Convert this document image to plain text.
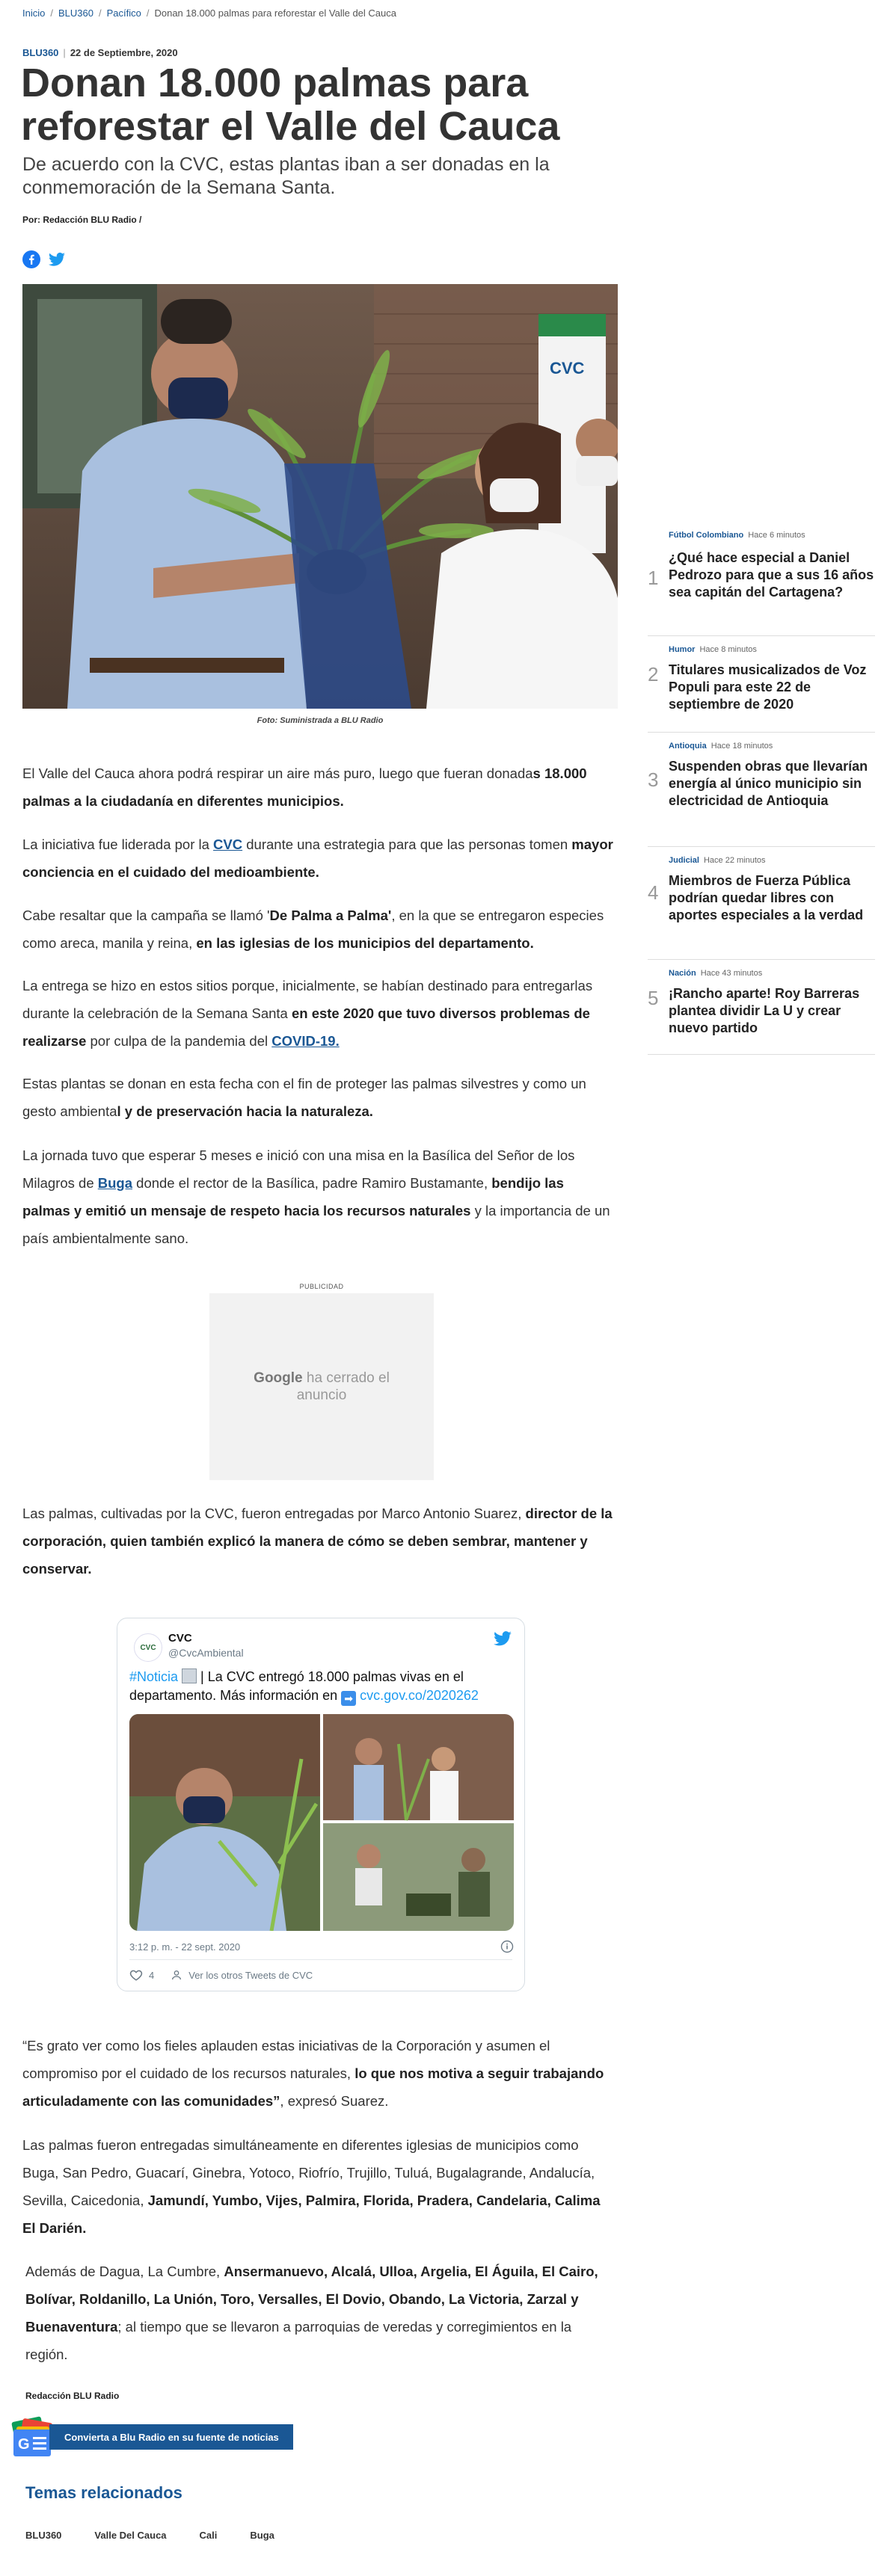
Inicio / BLU360 / Pacífico / Donan 18.000 palmas para reforestar el Valle del Cauca
BLU360 | 22 de Septiembre, 2020
Donan 18.000 palmas para reforestar el Valle del Cauca

De acuerdo con la CVC, estas plantas iban a ser donadas en la conmemoración de la Semana Santa.

Por: Redacción BLU Radio /
CVC
Foto: Suministrada a BLU Radio

El Valle del Cauca ahora podrá respirar un aire más puro, luego que fueran donadas 18.000 palmas a la ciudadanía en diferentes municipios.

La iniciativa fue liderada por la CVC durante una estrategia para que las personas tomen mayor conciencia en el cuidado del medioambiente.

Cabe resaltar que la campaña se llamó 'De Palma a Palma', en la que se entregaron especies como areca, manila y reina, en las iglesias de los municipios del departamento.

La entrega se hizo en estos sitios porque, inicialmente, se habían destinado para entregarlas durante la celebración de la Semana Santa en este 2020 que tuvo diversos problemas de realizarse por culpa de la pandemia del COVID-19.

Estas plantas se donan en esta fecha con el fin de proteger las palmas silvestres y como un gesto ambiental y de preservación hacia la naturaleza.

La jornada tuvo que esperar 5 meses e inició con una misa en la Basílica del Señor de los Milagros de Buga donde el rector de la Basílica, padre Ramiro Bustamante, bendijo las palmas y emitió un mensaje de respeto hacia los recursos naturales y la importancia de un país ambientalmente sano.

PUBLICIDAD
Google ha cerrado el
anuncio

Las palmas, cultivadas por la CVC, fueron entregadas por Marco Antonio Suarez, director de la corporación, quien también explicó la manera de cómo se deben sembrar, mantener y conservar.

CVC
CVC
@CvcAmbiental
#Noticia  | La CVC entregó 18.000 palmas vivas en el departamento. Más información en ➡ cvc.gov.co/2020262
3:12 p. m. - 22 sept. 2020
4	Ver los otros Tweets de CVC

“Es grato ver como los fieles aplauden estas iniciativas de la Corporación y asumen el compromiso por el cuidado de los recursos naturales, lo que nos motiva a seguir trabajando articuladamente con las comunidades”, expresó Suarez.

Las palmas fueron entregadas simultáneamente en diferentes iglesias de municipios como Buga, San Pedro, Guacarí, Ginebra, Yotoco, Riofrío, Trujillo, Tuluá, Bugalagrande, Andalucía, Sevilla, Caicedonia, Jamundí, Yumbo, Vijes, Palmira, Florida, Pradera, Candelaria, Calima El Darién.

Además de Dagua, La Cumbre, Ansermanuevo, Alcalá, Ulloa, Argelia, El Águila, El Cairo, Bolívar, Roldanillo, La Unión, Toro, Versalles, El Dovio, Obando, La Victoria, Zarzal y Buenaventura; al tiempo que se llevaron a parroquias de veredas y corregimientos en la región.

Redacción BLU Radio
G	Convierta a Blu Radio en su fuente de noticias
Temas relacionados
BLU360	Valle Del Cauca	Cali	Buga
1
Fútbol Colombiano Hace 6 minutos
¿Qué hace especial a Daniel Pedrozo para que a sus 16 años sea capitán del Cartagena?
2
Humor Hace 8 minutos
Titulares musicalizados de Voz Populi para este 22 de septiembre de 2020
3
Antioquia Hace 18 minutos
Suspenden obras que llevarían energía al único municipio sin electricidad de Antioquia
4
Judicial Hace 22 minutos
Miembros de Fuerza Pública podrían quedar libres con aportes especiales a la verdad
5
Nación Hace 43 minutos
¡Rancho aparte! Roy Barreras plantea dividir La U y crear nuevo partido
